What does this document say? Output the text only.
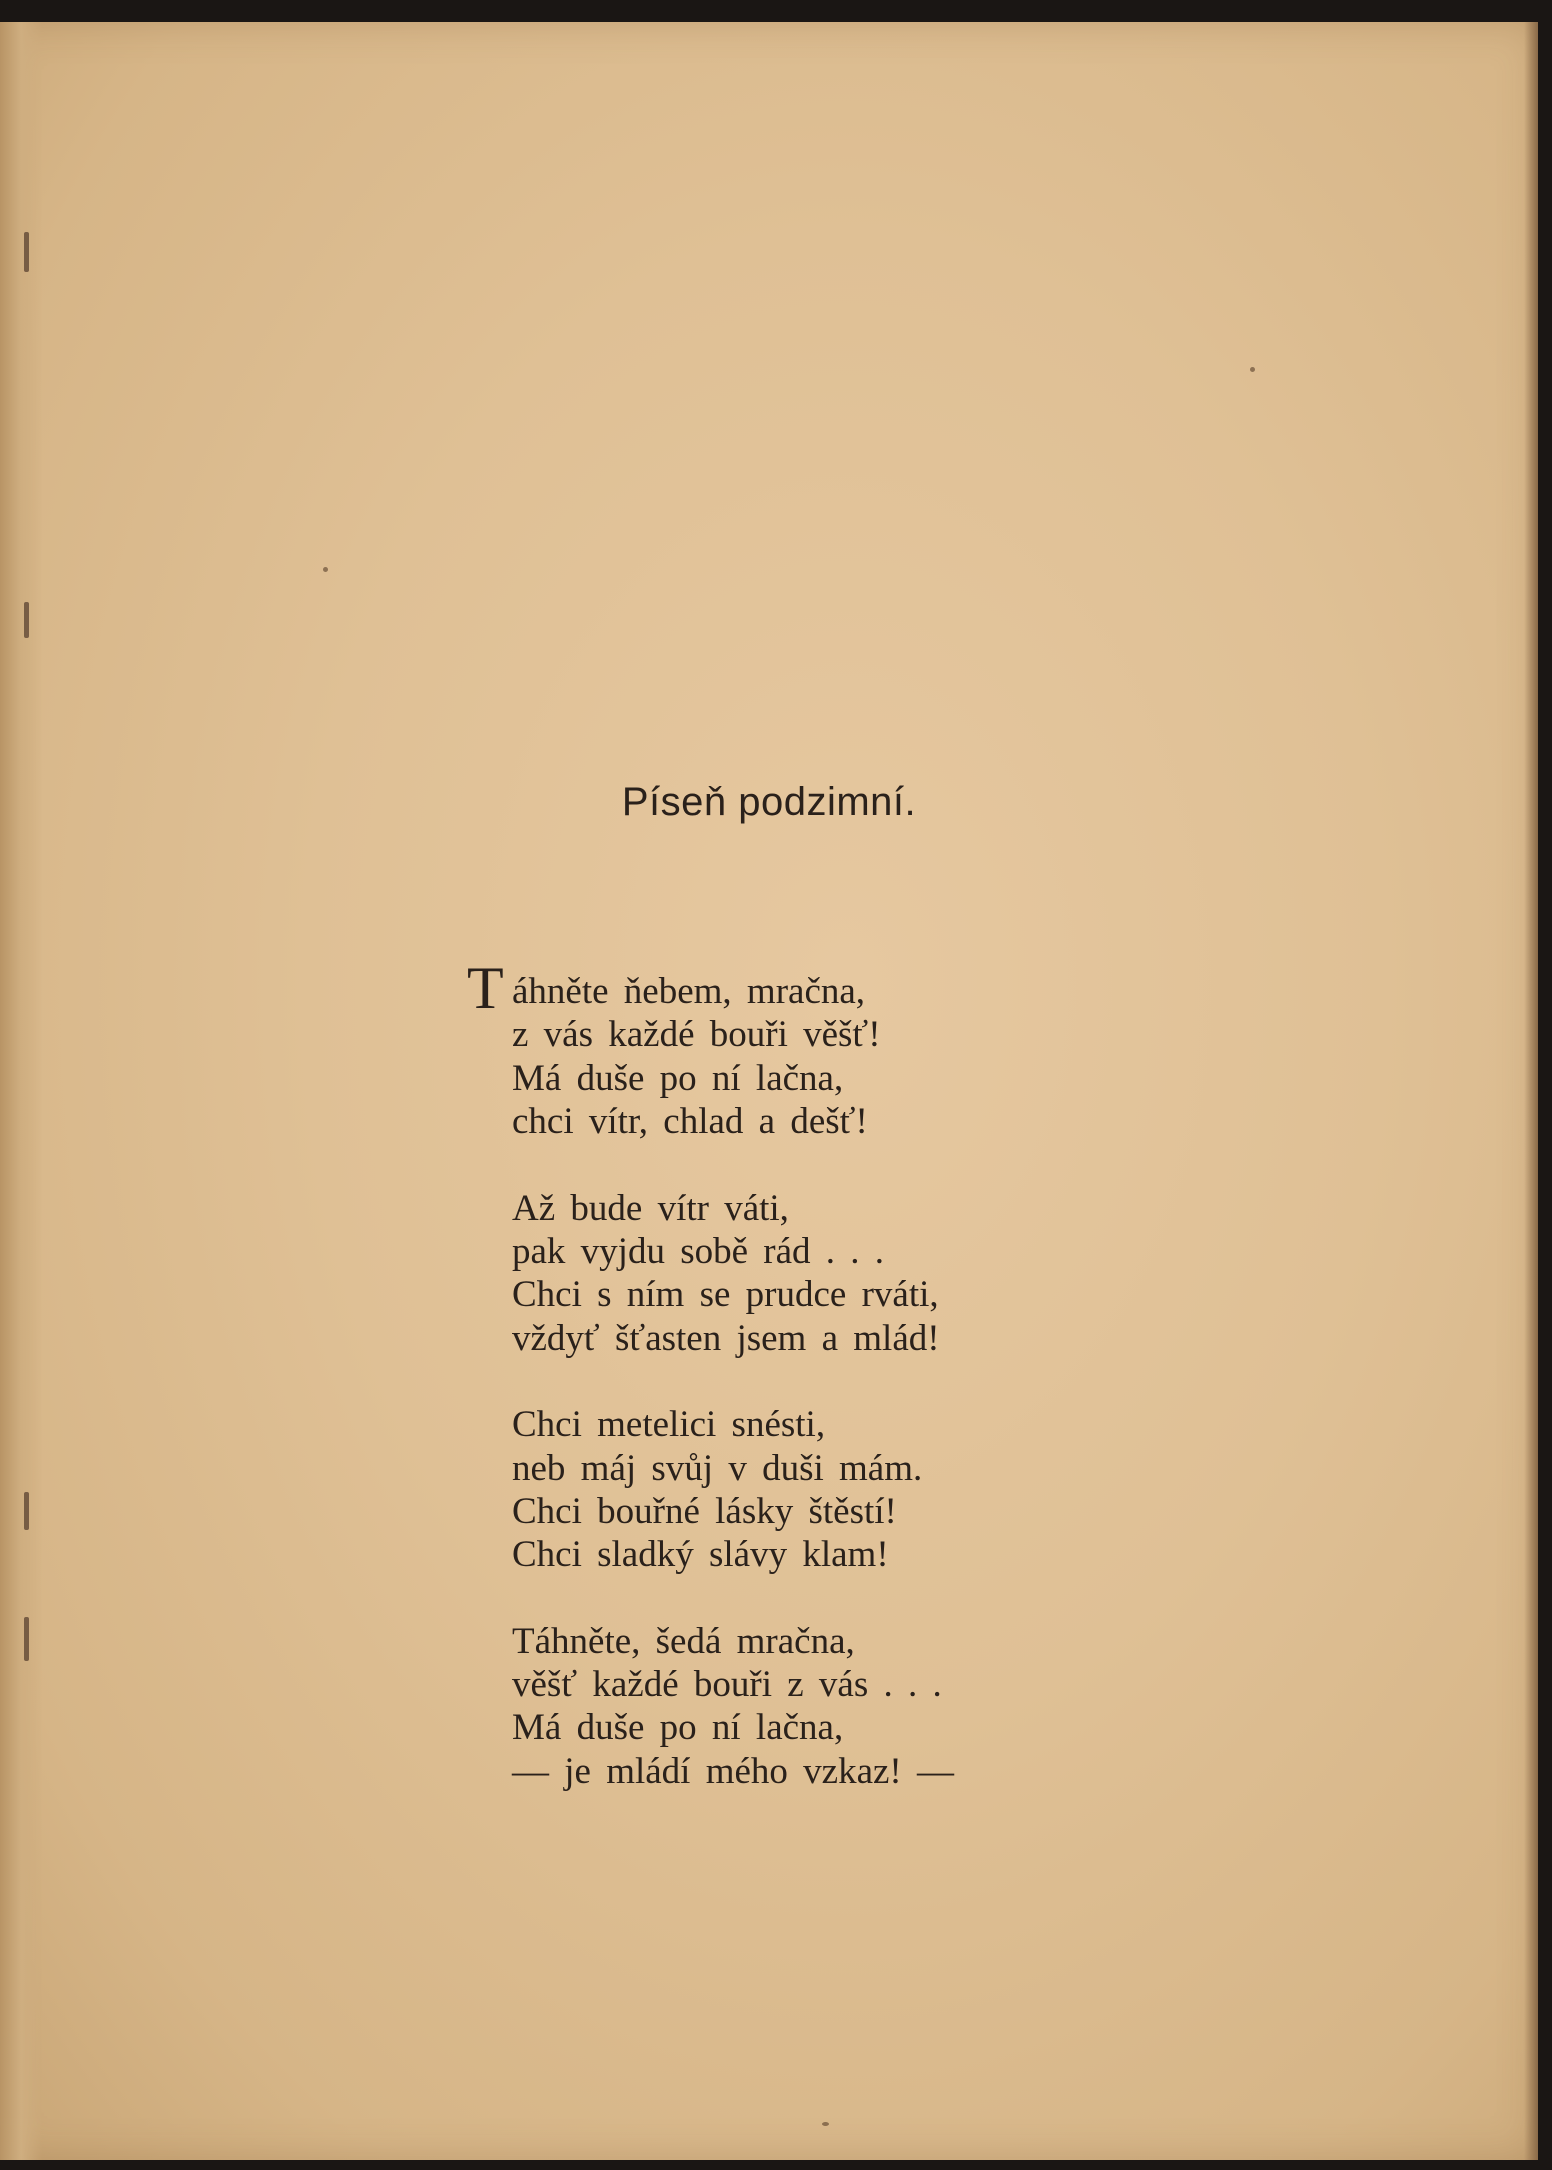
Píseň podzimní.
T áhněte ňebem, mračna,
z vás každé bouři věšť!
Má duše po ní lačna,
chci vítr, chlad a dešť!
Až bude vítr váti,
pak vyjdu sobě rád . . .
Chci s ním se prudce rváti,
vždyť šťasten jsem a mlád!
Chci metelici snésti,
neb máj svůj v duši mám.
Chci bouřné lásky štěstí!
Chci sladký slávy klam!
Táhněte, šedá mračna,
věšť každé bouři z vás . . .
Má duše po ní lačna,
— je mládí mého vzkaz! —
